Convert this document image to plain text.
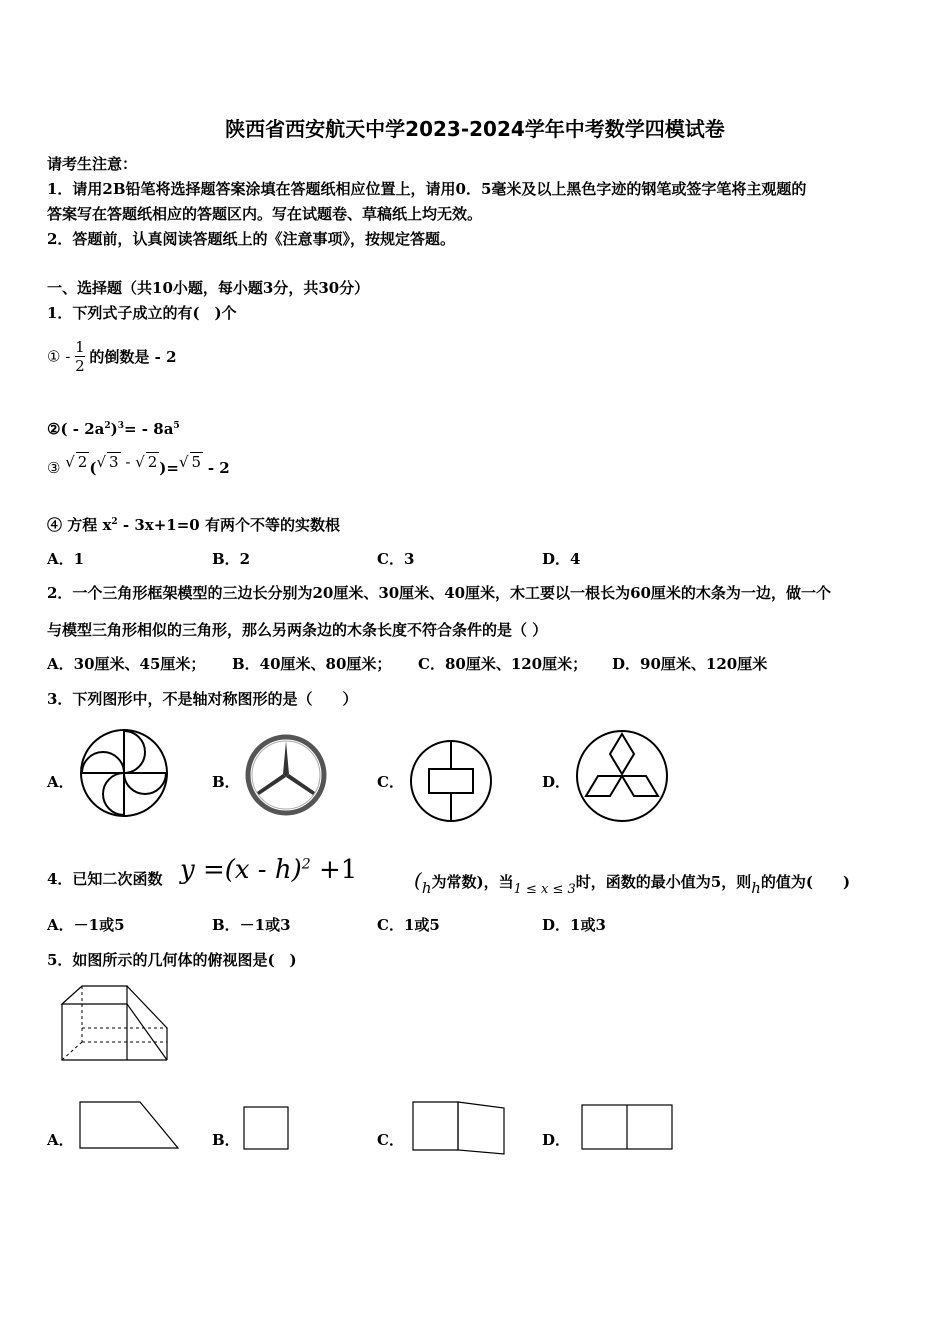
陕西省西安航天中学2023-2024学年中考数学四模试卷
请考生注意：
1．请用2B铅笔将选择题答案涂填在答题纸相应位置上，请用0．5毫米及以上黑色字迹的钢笔或签字笔将主观题的
答案写在答题纸相应的答题区内。写在试题卷、草稿纸上均无效。
2．答题前，认真阅读答题纸上的《注意事项》，按规定答题。
一、选择题（共10小题，每小题3分，共30分）
1．下列式子成立的有(　)个
① - $\frac{1}{2}$ 的倒数是 - 2
②( - $2a^2)^3= - 8a^5$
③ √ 2 (√ 3 - √ 2 )=√ 5 - 2
④ 方程 $x^2 - 3x+1=0$ 有两个不等的实数根
A．1	B．2	C．3	D．4
2．一个三角形框架模型的三边长分别为20厘米、30厘米、40厘米，木工要以一根长为60厘米的木条为一边，做一个
与模型三角形相似的三角形，那么另两条边的木条长度不符合条件的是（ ）
A．30厘米、45厘米； B．40厘米、80厘米； C．80厘米、120厘米； D．90厘米、120厘米
3．下列图形中，不是轴对称图形的是（　　）
A．	B．	C．	D．
4．已知二次函数 y =(x - h)$^2$ +1	(h为常数)，当1 ≤ x ≤ 3时，函数的最小值为5，则h的值为(　　)
A．－1或5	B．－1或3	C．1或5	D．1或3
5．如图所示的几何体的俯视图是(　)
A．	B．	C．	D．
